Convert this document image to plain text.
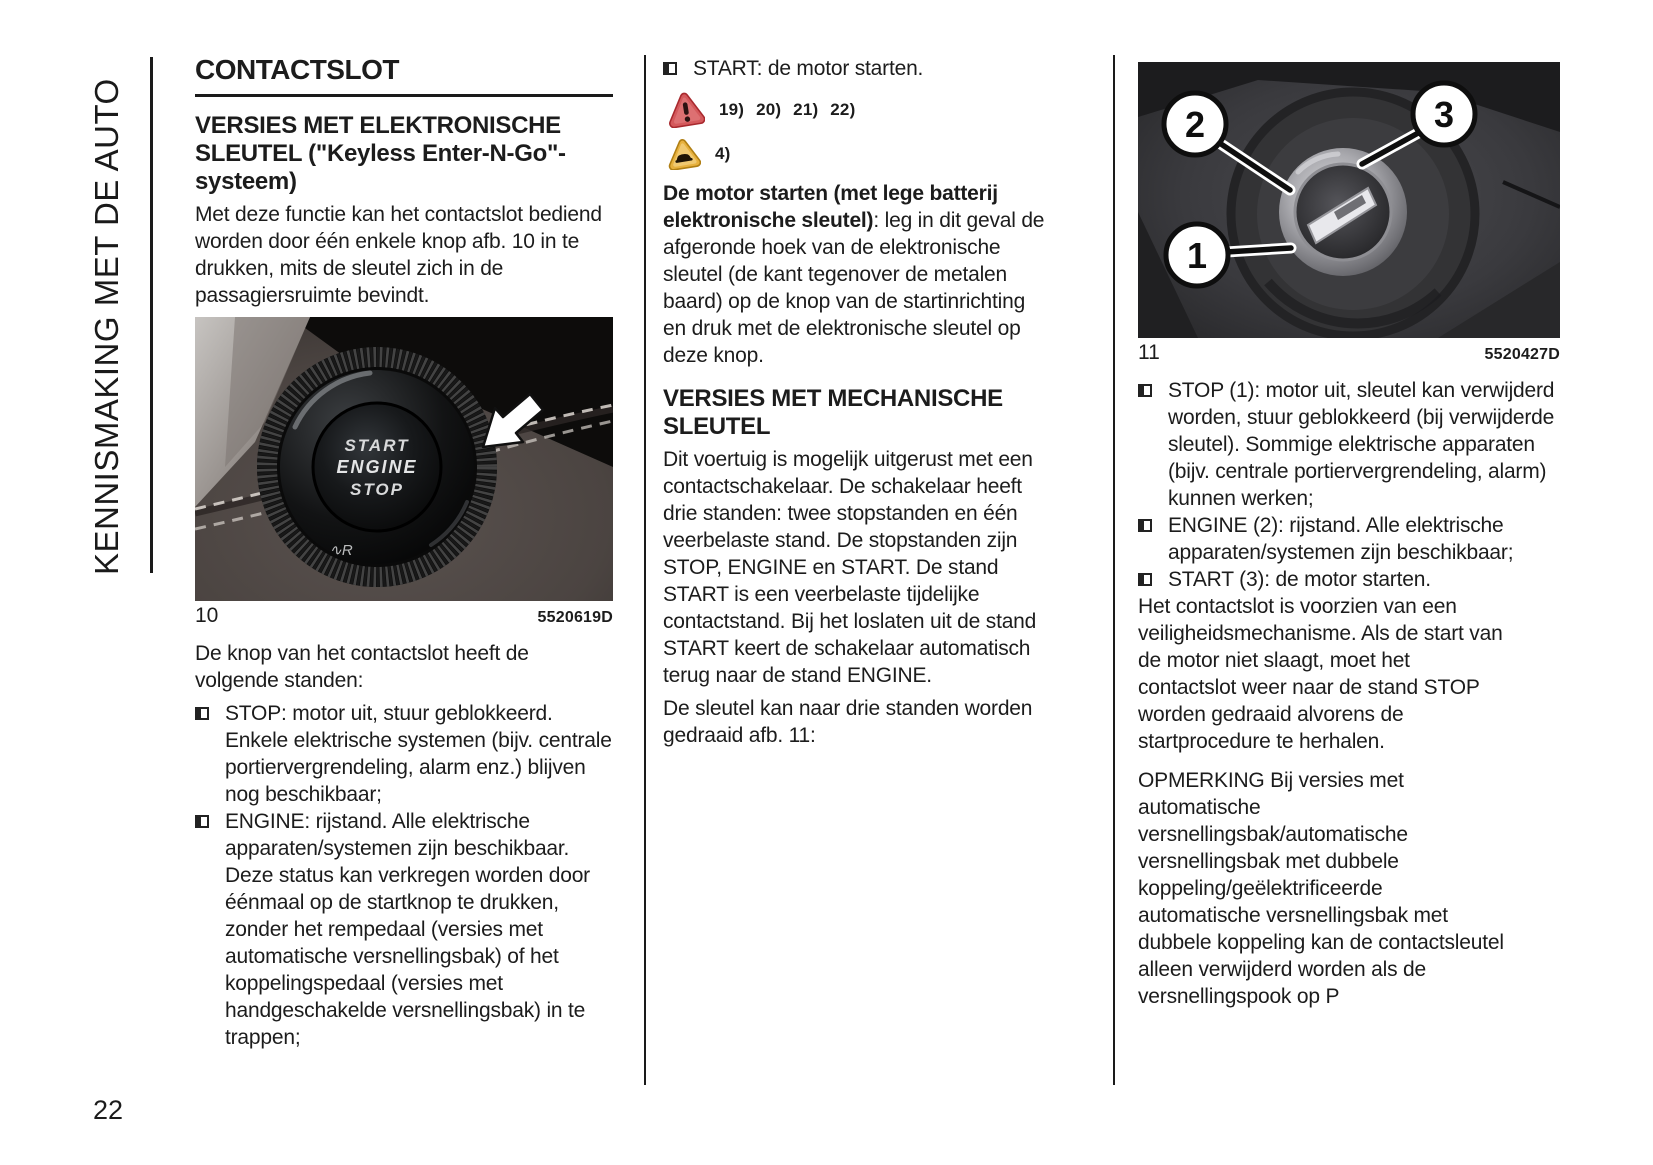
KENNISMAKING MET DE AUTO
CONTACTSLOT
VERSIES MET ELEKTRONISCHE SLEUTEL ("Keyless Enter-N-Go"-systeem)

Met deze functie kan het contactslot bediend worden door één enkele knop afb. 10 in te drukken, mits de sleutel zich in de passagiersruimte bevindt.

START
ENGINE
STOP
∿R
10	5520619D

De knop van het contactslot heeft de volgende standen:

STOP: motor uit, stuur geblokkeerd. Enkele elektrische systemen (bijv. centrale portiervergrendeling, alarm enz.) blijven nog beschikbaar;
ENGINE: rijstand. Alle elektrische apparaten/systemen zijn beschikbaar. Deze status kan verkregen worden door éénmaal op de startknop te drukken, zonder het rempedaal (versies met automatische versnellingsbak) of het koppelingspedaal (versies met handgeschakelde versnellingsbak) in te trappen;
START: de motor starten.
19) 20) 21) 22)
4)

De motor starten (met lege batterij elektronische sleutel): leg in dit geval de afgeronde hoek van de elektronische sleutel (de kant tegenover de metalen baard) op de knop van de startinrichting en druk met de elektronische sleutel op deze knop.

VERSIES MET MECHANISCHE SLEUTEL

Dit voertuig is mogelijk uitgerust met een contactschakelaar. De schakelaar heeft drie standen: twee stopstanden en één veerbelaste stand. De stopstanden zijn STOP, ENGINE en START. De stand START is een veerbelaste tijdelijke contactstand. Bij het loslaten uit de stand START keert de schakelaar automatisch terug naar de stand ENGINE.

De sleutel kan naar drie standen worden gedraaid afb. 11:

2	3
1
11	5520427D
STOP (1): motor uit, sleutel kan verwijderd worden, stuur geblokkeerd (bij verwijderde sleutel). Sommige elektrische apparaten (bijv. centrale portiervergrendeling, alarm) kunnen werken;
ENGINE (2): rijstand. Alle elektrische apparaten/systemen zijn beschikbaar;
START (3): de motor starten.

Het contactslot is voorzien van een veiligheidsmechanisme. Als de start van de motor niet slaagt, moet het contactslot weer naar de stand STOP worden gedraaid alvorens de startprocedure te herhalen.

OPMERKING Bij versies met automatische versnellingsbak/automatische versnellingsbak met dubbele koppeling/geëlektrificeerde automatische versnellingsbak met dubbele koppeling kan de contactsleutel alleen verwijderd worden als de versnellingspook op P

22
